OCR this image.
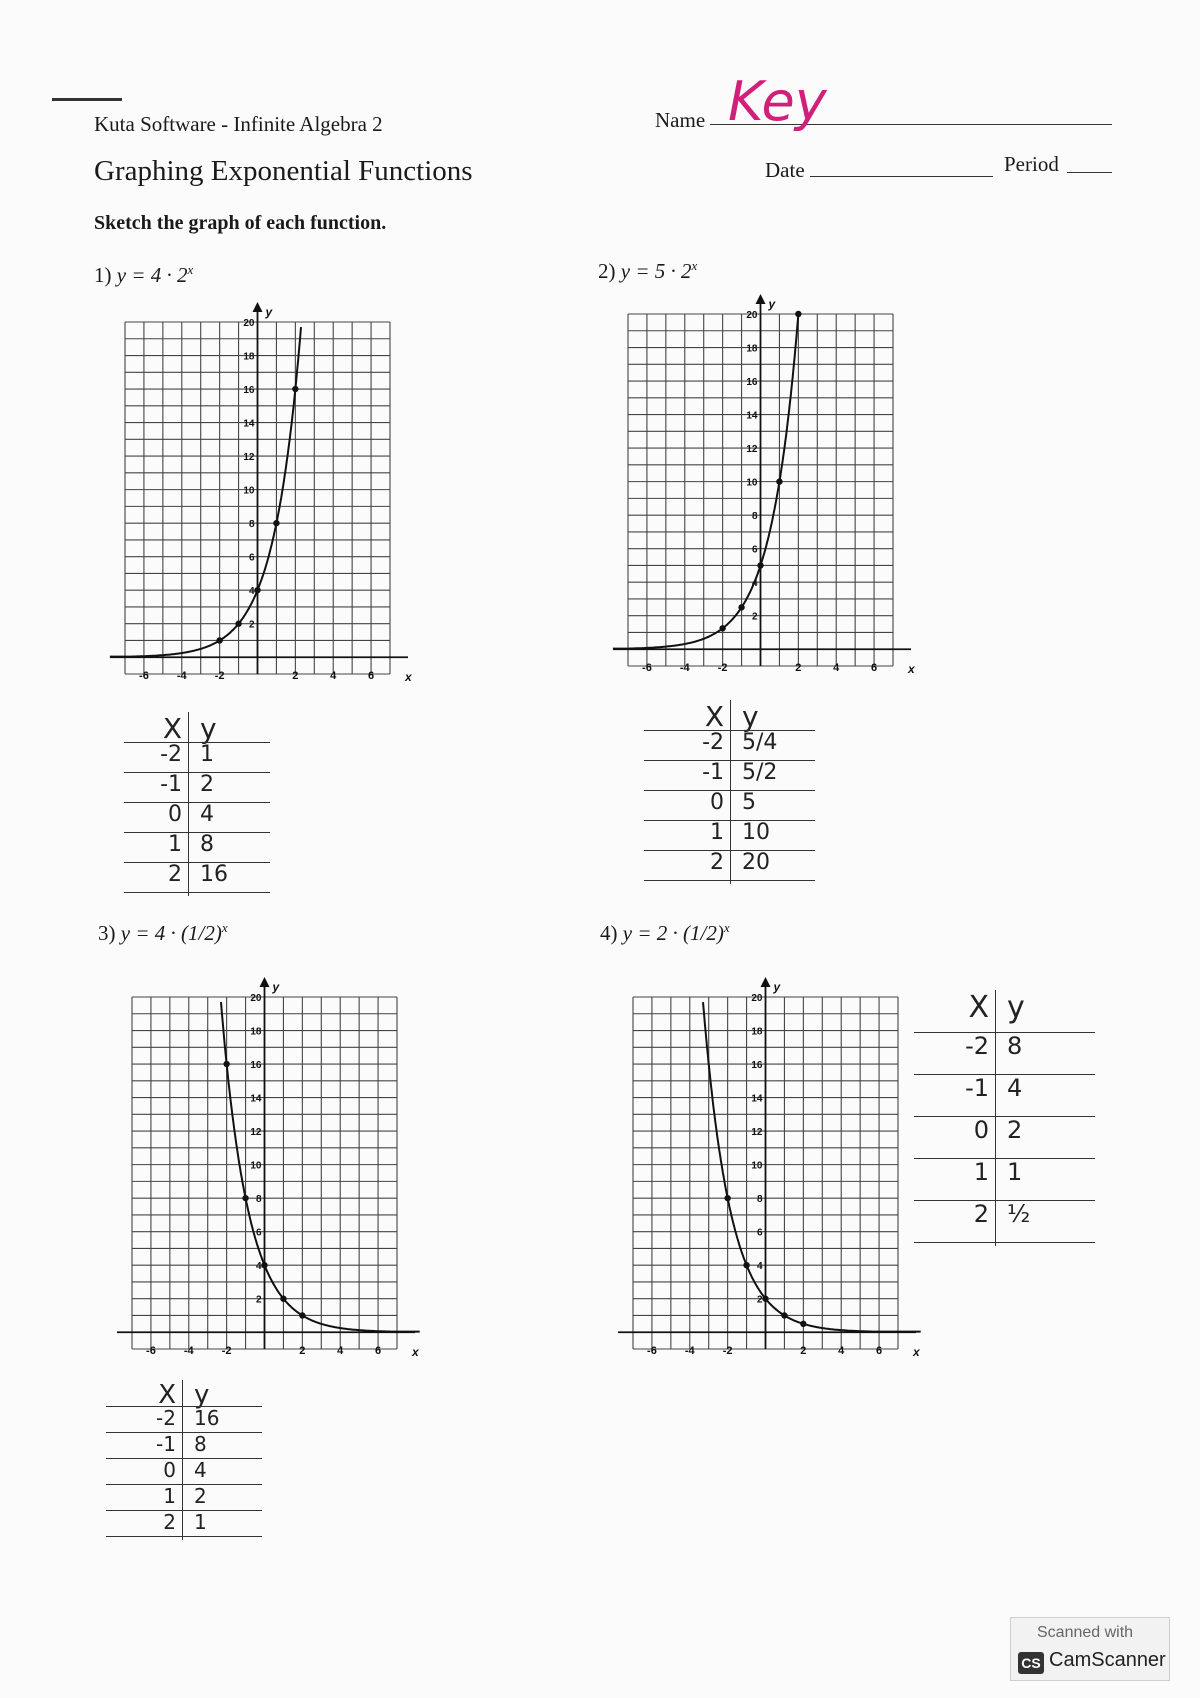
Kuta Software - Infinite Algebra 2
Graphing Exponential Functions
Sketch the graph of each function.
Name Key
Date	Period
1) $y = 4 \cdot 2^x$	2) $y = 5 \cdot 2^x$
3) $y = 4 \cdot (1/2)^x$	4) $y = 2 \cdot (1/2)^x$
y
x
-6	-4	-2	2	4	6
2
4
6
8
10
12
14
16
18
20
y
x
-6	-4	-2	2	4	6
2
4
6
8
10
12
14
16
18
20
y
x
-6	-4	-2	2	4	6
2
4
6
8
10
12
14
16
18
20
y
x
-6	-4	-2	2	4	6
2
4
6
8
10
12
14
16
18
20
X y
-2 1
-1 2
0 4
1 8
2 16
X y
-2 5/4
-1 5/2
0 5
1 10
2 20
X y
-2 16
-1 8
0 4
1 2
2 1
X y
-2 8
-1 4
0 2
1 1
2 ½
Scanned with
CS CamScanner
